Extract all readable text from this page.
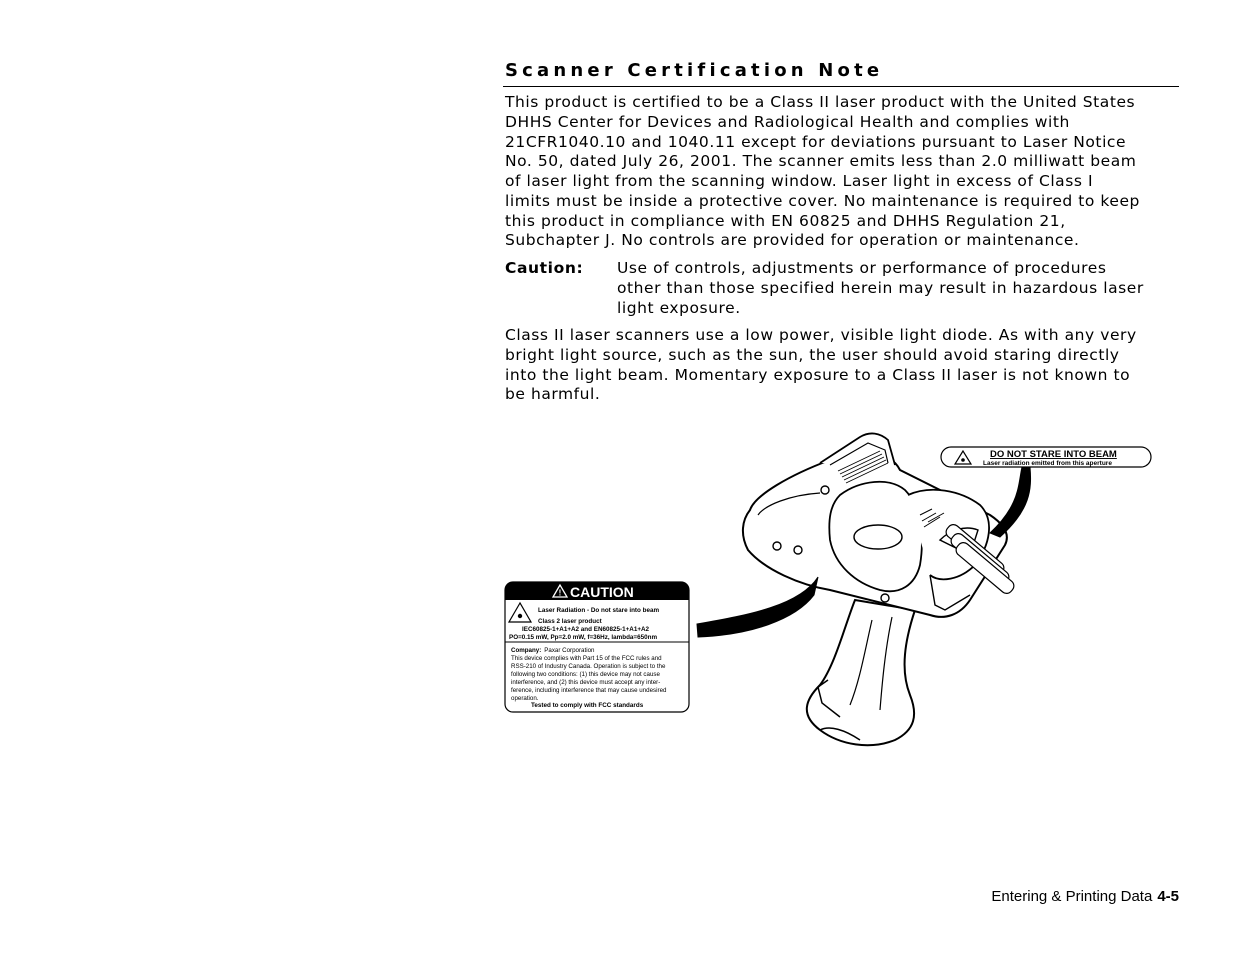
Scanner Certification Note
This product is certified to be a Class II laser product with the United States
DHHS Center for Devices and Radiological Health and complies with
21CFR1040.10 and 1040.11 except for deviations pursuant to Laser Notice
No. 50, dated July 26, 2001. The scanner emits less than 2.0 milliwatt beam
of laser light from the scanning window. Laser light in excess of Class I
limits must be inside a protective cover. No maintenance is required to keep
this product in compliance with EN 60825 and DHHS Regulation 21,
Subchapter J. No controls are provided for operation or maintenance.
Caution: Use of controls, adjustments or performance of procedures
other than those specified herein may result in hazardous laser
light exposure.
Class II laser scanners use a low power, visible light diode. As with any very
bright light source, such as the sun, the user should avoid staring directly
into the light beam. Momentary exposure to a Class II laser is not known to
be harmful.
DO NOT STARE INTO BEAM
Laser radiation emitted from this aperture
! CAUTION
Laser Radiation - Do not stare into beam
Class 2 laser product
IEC60825-1+A1+A2 and EN60825-1+A1+A2
PO=0.15 mW, Pp=2.0 mW, f=36Hz, lambda=650nm
Company: Paxar Corporation
This device complies with Part 15 of the FCC rules and
RSS-210 of Industry Canada. Operation is subject to the
following two conditions: (1) this device may not cause
interference, and (2) this device must accept any inter-
ference, including interference that may cause undesired
operation.
Tested to comply with FCC standards
Entering & Printing Data 4-5
